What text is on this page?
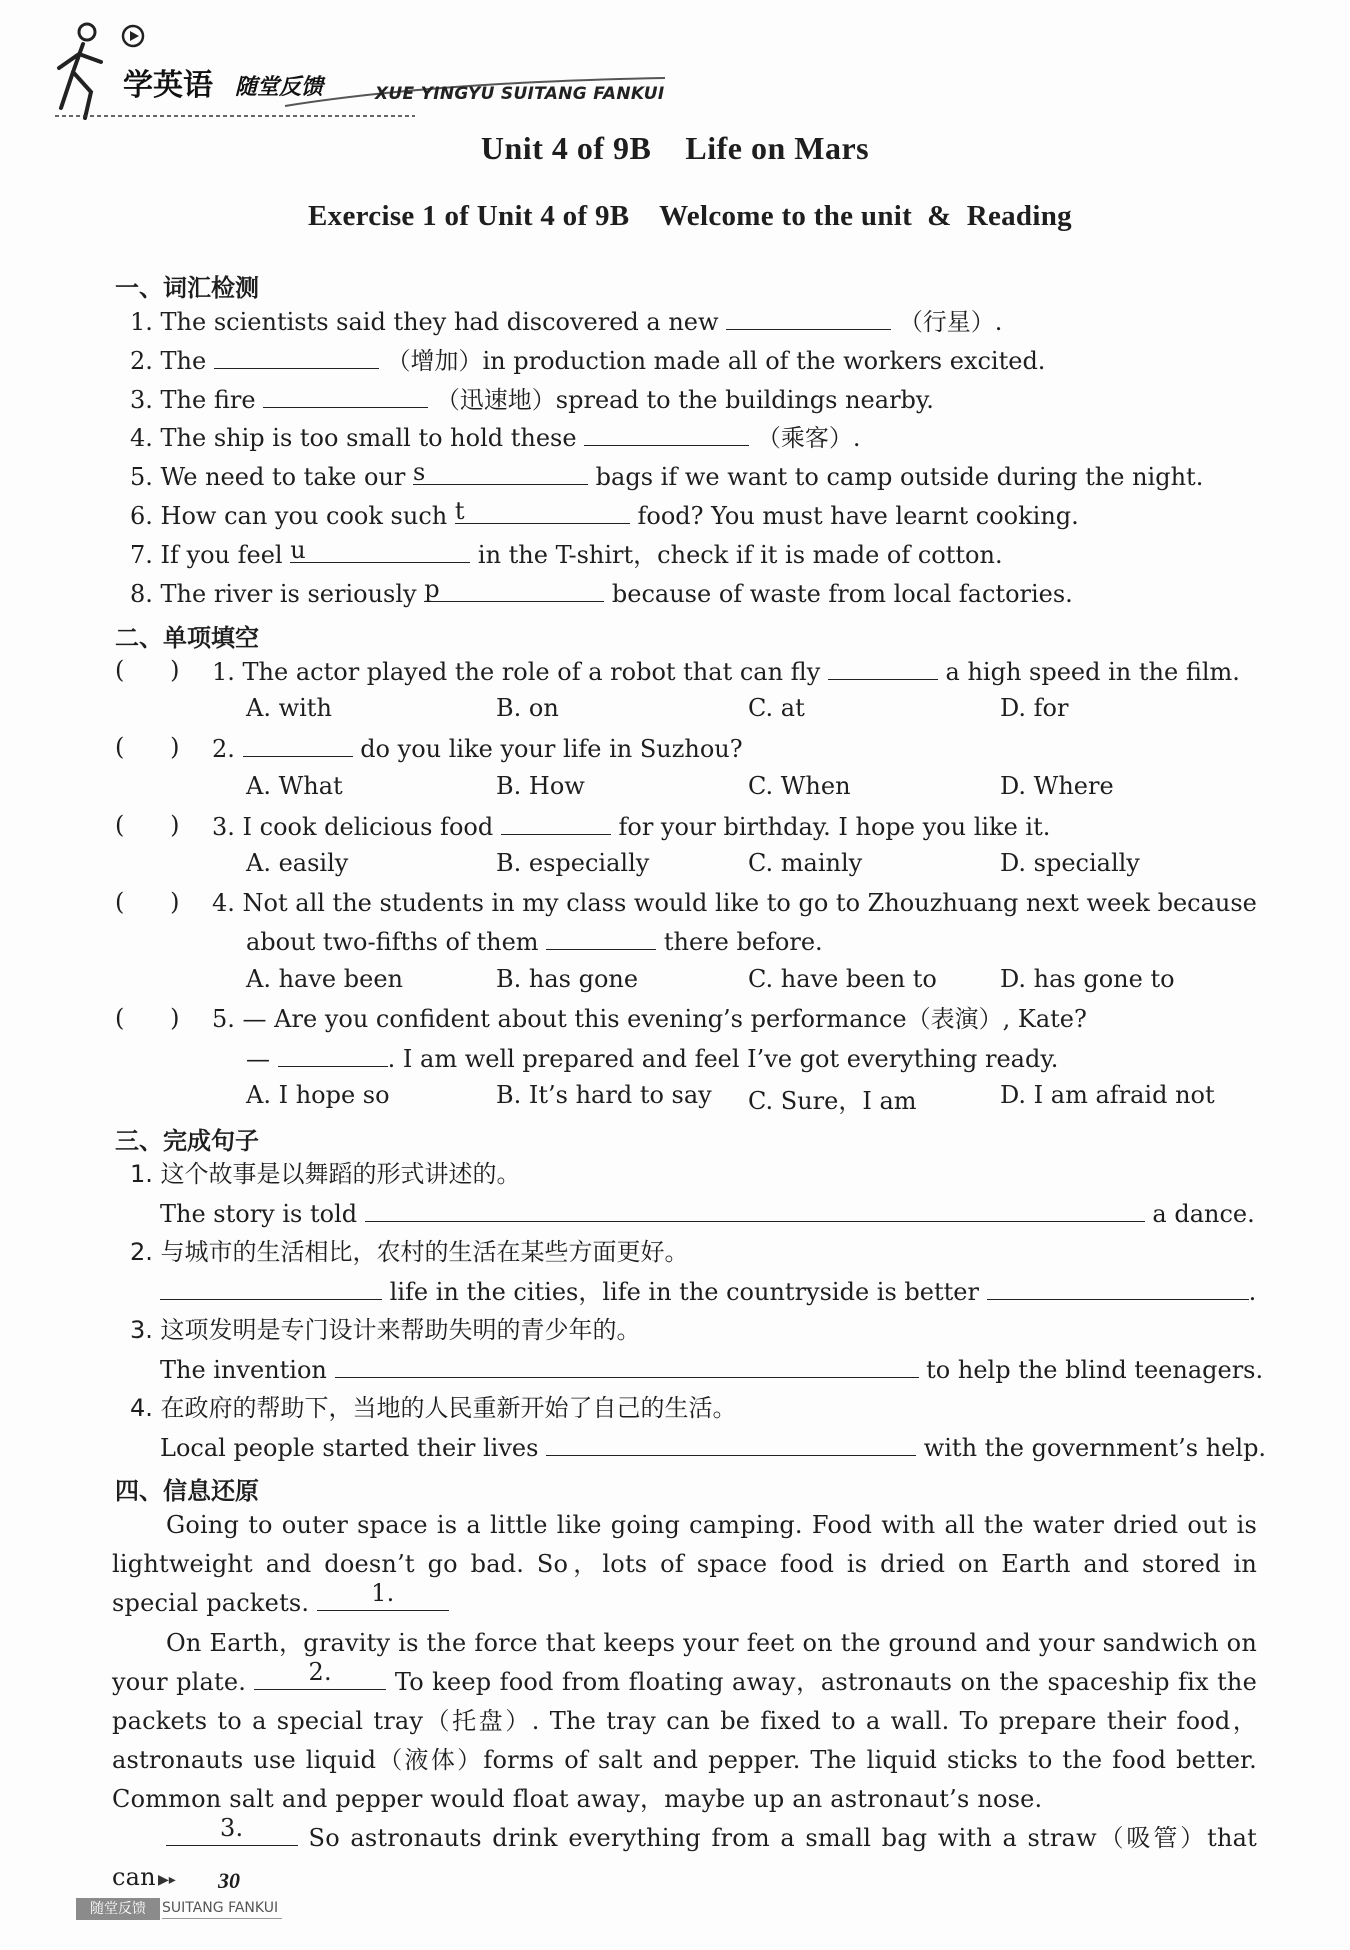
学英语 随堂反馈	XUE YINGYU SUITANG FANKUI
Unit 4 of 9B    Life on Mars
Exercise 1 of Unit 4 of 9B    Welcome to the unit  &  Reading
一、词汇检测
1. The scientists said they had discovered a new	（行星）.
2. The	（增加）in production made all of the workers excited.
3. The fire	（迅速地）spread to the buildings nearby.
4. The ship is too small to hold these	（乘客）.
5. We need to take our s	bags if we want to camp outside during the night.
6. How can you cook such t	food? You must have learnt cooking.
7. If you feel u	in the T-shirt，check if it is made of cotton.
8. The river is seriously p	because of waste from local factories.
二、单项填空
(      ) 1. The actor played the role of a robot that can fly	a high speed in the film.
A. with	B. on	C. at	D. for
(      ) 2.	do you like your life in Suzhou?
A. What	B. How	C. When	D. Where
(      ) 3. I cook delicious food	for your birthday. I hope you like it.
A. easily	B. especially	C. mainly	D. specially
(      ) 4. Not all the students in my class would like to go to Zhouzhuang next week because
about two-fifths of them	there before.
A. have been	B. has gone	C. have been to	D. has gone to
(      ) 5. — Are you confident about this evening’s performance（表演）, Kate?
—	. I am well prepared and feel I’ve got everything ready.
A. I hope so	B. It’s hard to say C. Sure，I am	D. I am afraid not
三、完成句子
1. 这个故事是以舞蹈的形式讲述的。
The story is told	a dance.
2. 与城市的生活相比，农村的生活在某些方面更好。
life in the cities，life in the countryside is better	.
3. 这项发明是专门设计来帮助失明的青少年的。
The invention	to help the blind teenagers.
4. 在政府的帮助下，当地的人民重新开始了自己的生活。
Local people started their lives	with the government’s help.
四、信息还原
Going to outer space is a little like going camping. Food with all the water dried out is lightweight and doesn’t go bad. So，lots of space food is dried on Earth and stored in special packets.	1.
On Earth，gravity is the force that keeps your feet on the ground and your sandwich on your plate.	2.	To keep food from floating away，astronauts on the spaceship fix the packets to a special tray（托盘）. The tray can be fixed to a wall. To prepare their food，astronauts use liquid（液体）forms of salt and pepper. The liquid sticks to the food better. Common salt and pepper would float away，maybe up an astronaut’s nose.
3.	So astronauts drink everything from a small bag with a straw（吸管）that can ▶▸ 30
随堂反馈	SUITANG FANKUI
